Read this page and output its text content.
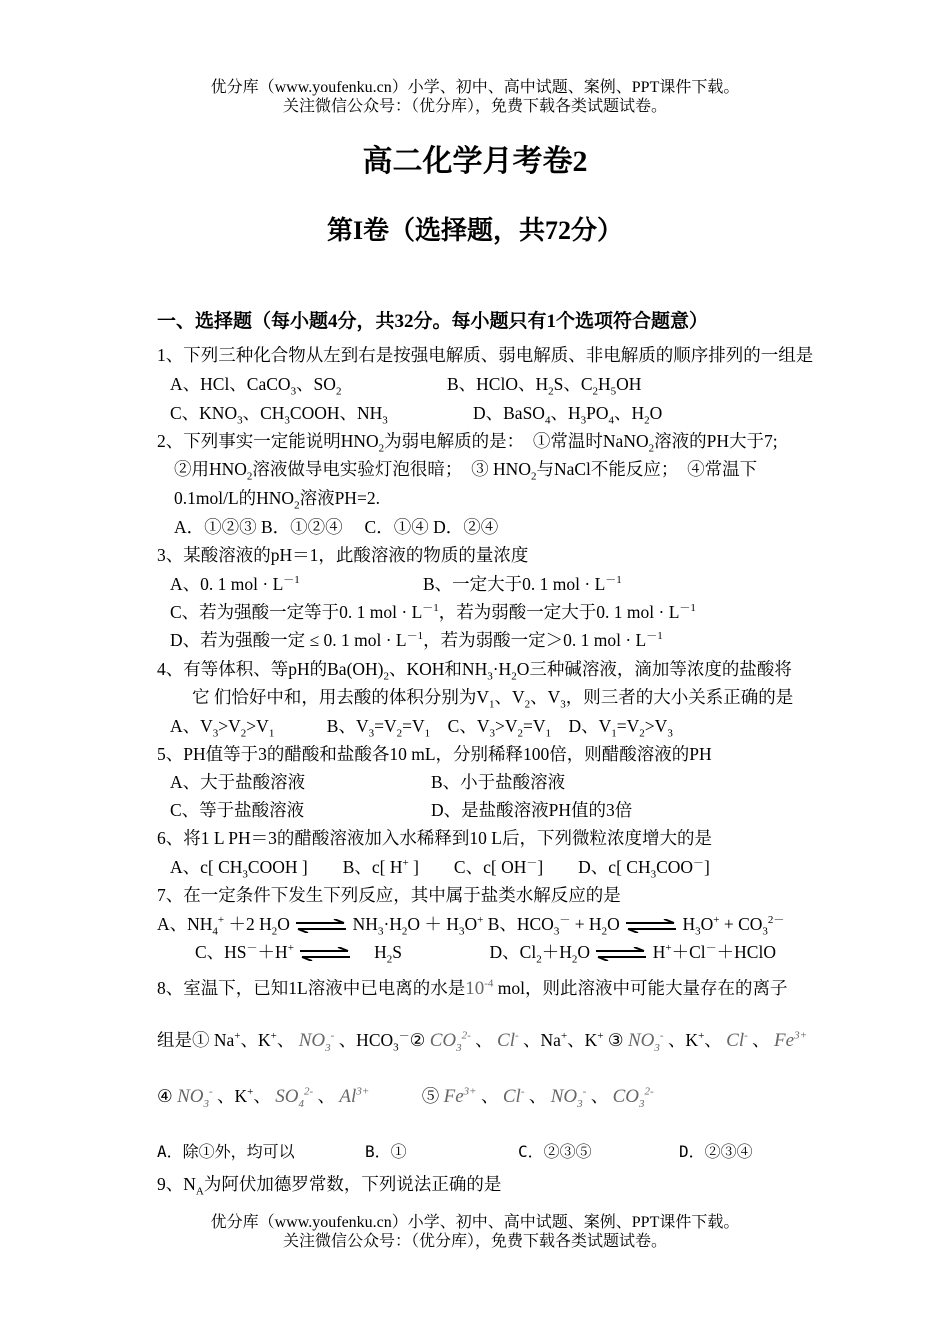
优分库（www.youfenku.cn）小学、初中、高中试题、案例、PPT课件下载。
关注微信公众号：（优分库），免费下载各类试题试卷。
高二化学月考卷2
第I卷（选择题，共72分）
一、选择题（每小题4分，共32分。每小题只有1个选项符合题意）
1、下列三种化合物从左到右是按强电解质、弱电解质、非电解质的顺序排列的一组是
A、HCl、CaCO$_3$、$SO_2$	B、HClO、$H_2S$、$C_2H_5OH$
C、$KNO_3$、$CH_3COOH$、$NH_3$	D、BaSO$_4$、$H_3PO_4$、$H_2O$
2、下列事实一定能说明$HNO_2$为弱电解质的是：　①常温时NaNO$_2$溶液的PH大于7;
②用$HNO_2$溶液做导电实验灯泡很暗；　③ $HNO_2$与NaCl不能反应；　④常温下
0.1mol/L的$HNO_2$溶液PH=2.
A．①②③ B．①②④　 C．①④ D．②④
3、某酸溶液的pH＝1，此酸溶液的物质的量浓度
A、0. 1 mol · $L^{-1}$	B、一定大于0. 1 mol · $L^{-1}$
C、若为强酸一定等于0. 1 mol · $L^{-1}$，若为弱酸一定大于0. 1 mol · $L^{-1}$
D、若为强酸一定 ≤ 0. 1 mol · $L^{-1}$，若为弱酸一定＞0. 1 mol · $L^{-1}$
4、有等体积、等pH的$Ba(OH)_2$、KOH和$NH_3\cdot H_2O$三种碱溶液，滴加等浓度的盐酸将
它 们恰好中和，用去酸的体积分别为$V_1$、$V_2$、$V_3$，则三者的大小关系正确的是
A、$V_3>V_2>V_1$　　　B、$V_3=V_2=V_1$　C、$V_3>V_2=V_1$　D、$V_1=V_2>V_3$
5、PH值等于3的醋酸和盐酸各10 mL，分别稀释100倍，则醋酸溶液的PH
A、大于盐酸溶液	B、小于盐酸溶液
C、等于盐酸溶液	D、是盐酸溶液PH值的3倍
6、将1 L PH＝3的醋酸溶液加入水稀释到10 L后，下列微粒浓度增大的是
A、c[ $CH_3COOH$ ]　　B、c[ H+ ]　　C、c[ OH－]　　D、c[ $CH_3COO^-$]
7、在一定条件下发生下列反应，其中属于盐类水解反应的是
A、$NH_4^+ +2$ $H_2O$ ⇌ $NH_3\cdot H_2O + H_3O^+$ B、$HCO_3^- + H_2O$ ⇌ $H_3O^+ + CO_3^{2-}$
C、HS－＋H+ ⇌ 　$H_2S$　　　　　D、$Cl_2+H_2O$ ⇌ H+＋Cl－＋HClO
8、室温下，已知1L溶液中已电离的水是$10^{-4}$ mol，则此溶液中可能大量存在的离子
组是① Na+、K+、 $NO_3^-$ 、$HCO_3^-②$ $CO_3^{2-}$ 、 Cl- 、Na+、K+ ③ $NO_3^-$ 、K+、 Cl- 、 $Fe^{3+}$
④ $NO_3^-$ 、K+、 $SO_4^{2-}$ 、 $Al^{3+}$　　　⑤ $Fe^{3+}$ 、 Cl- 、 $NO_3^-$ 、 $CO_3^{2-}$
A．除①外，均可以	B．①	C．②③⑤	D．②③④
9、$N_A$为阿伏加德罗常数，下列说法正确的是
优分库（www.youfenku.cn）小学、初中、高中试题、案例、PPT课件下载。
关注微信公众号：（优分库），免费下载各类试题试卷。
